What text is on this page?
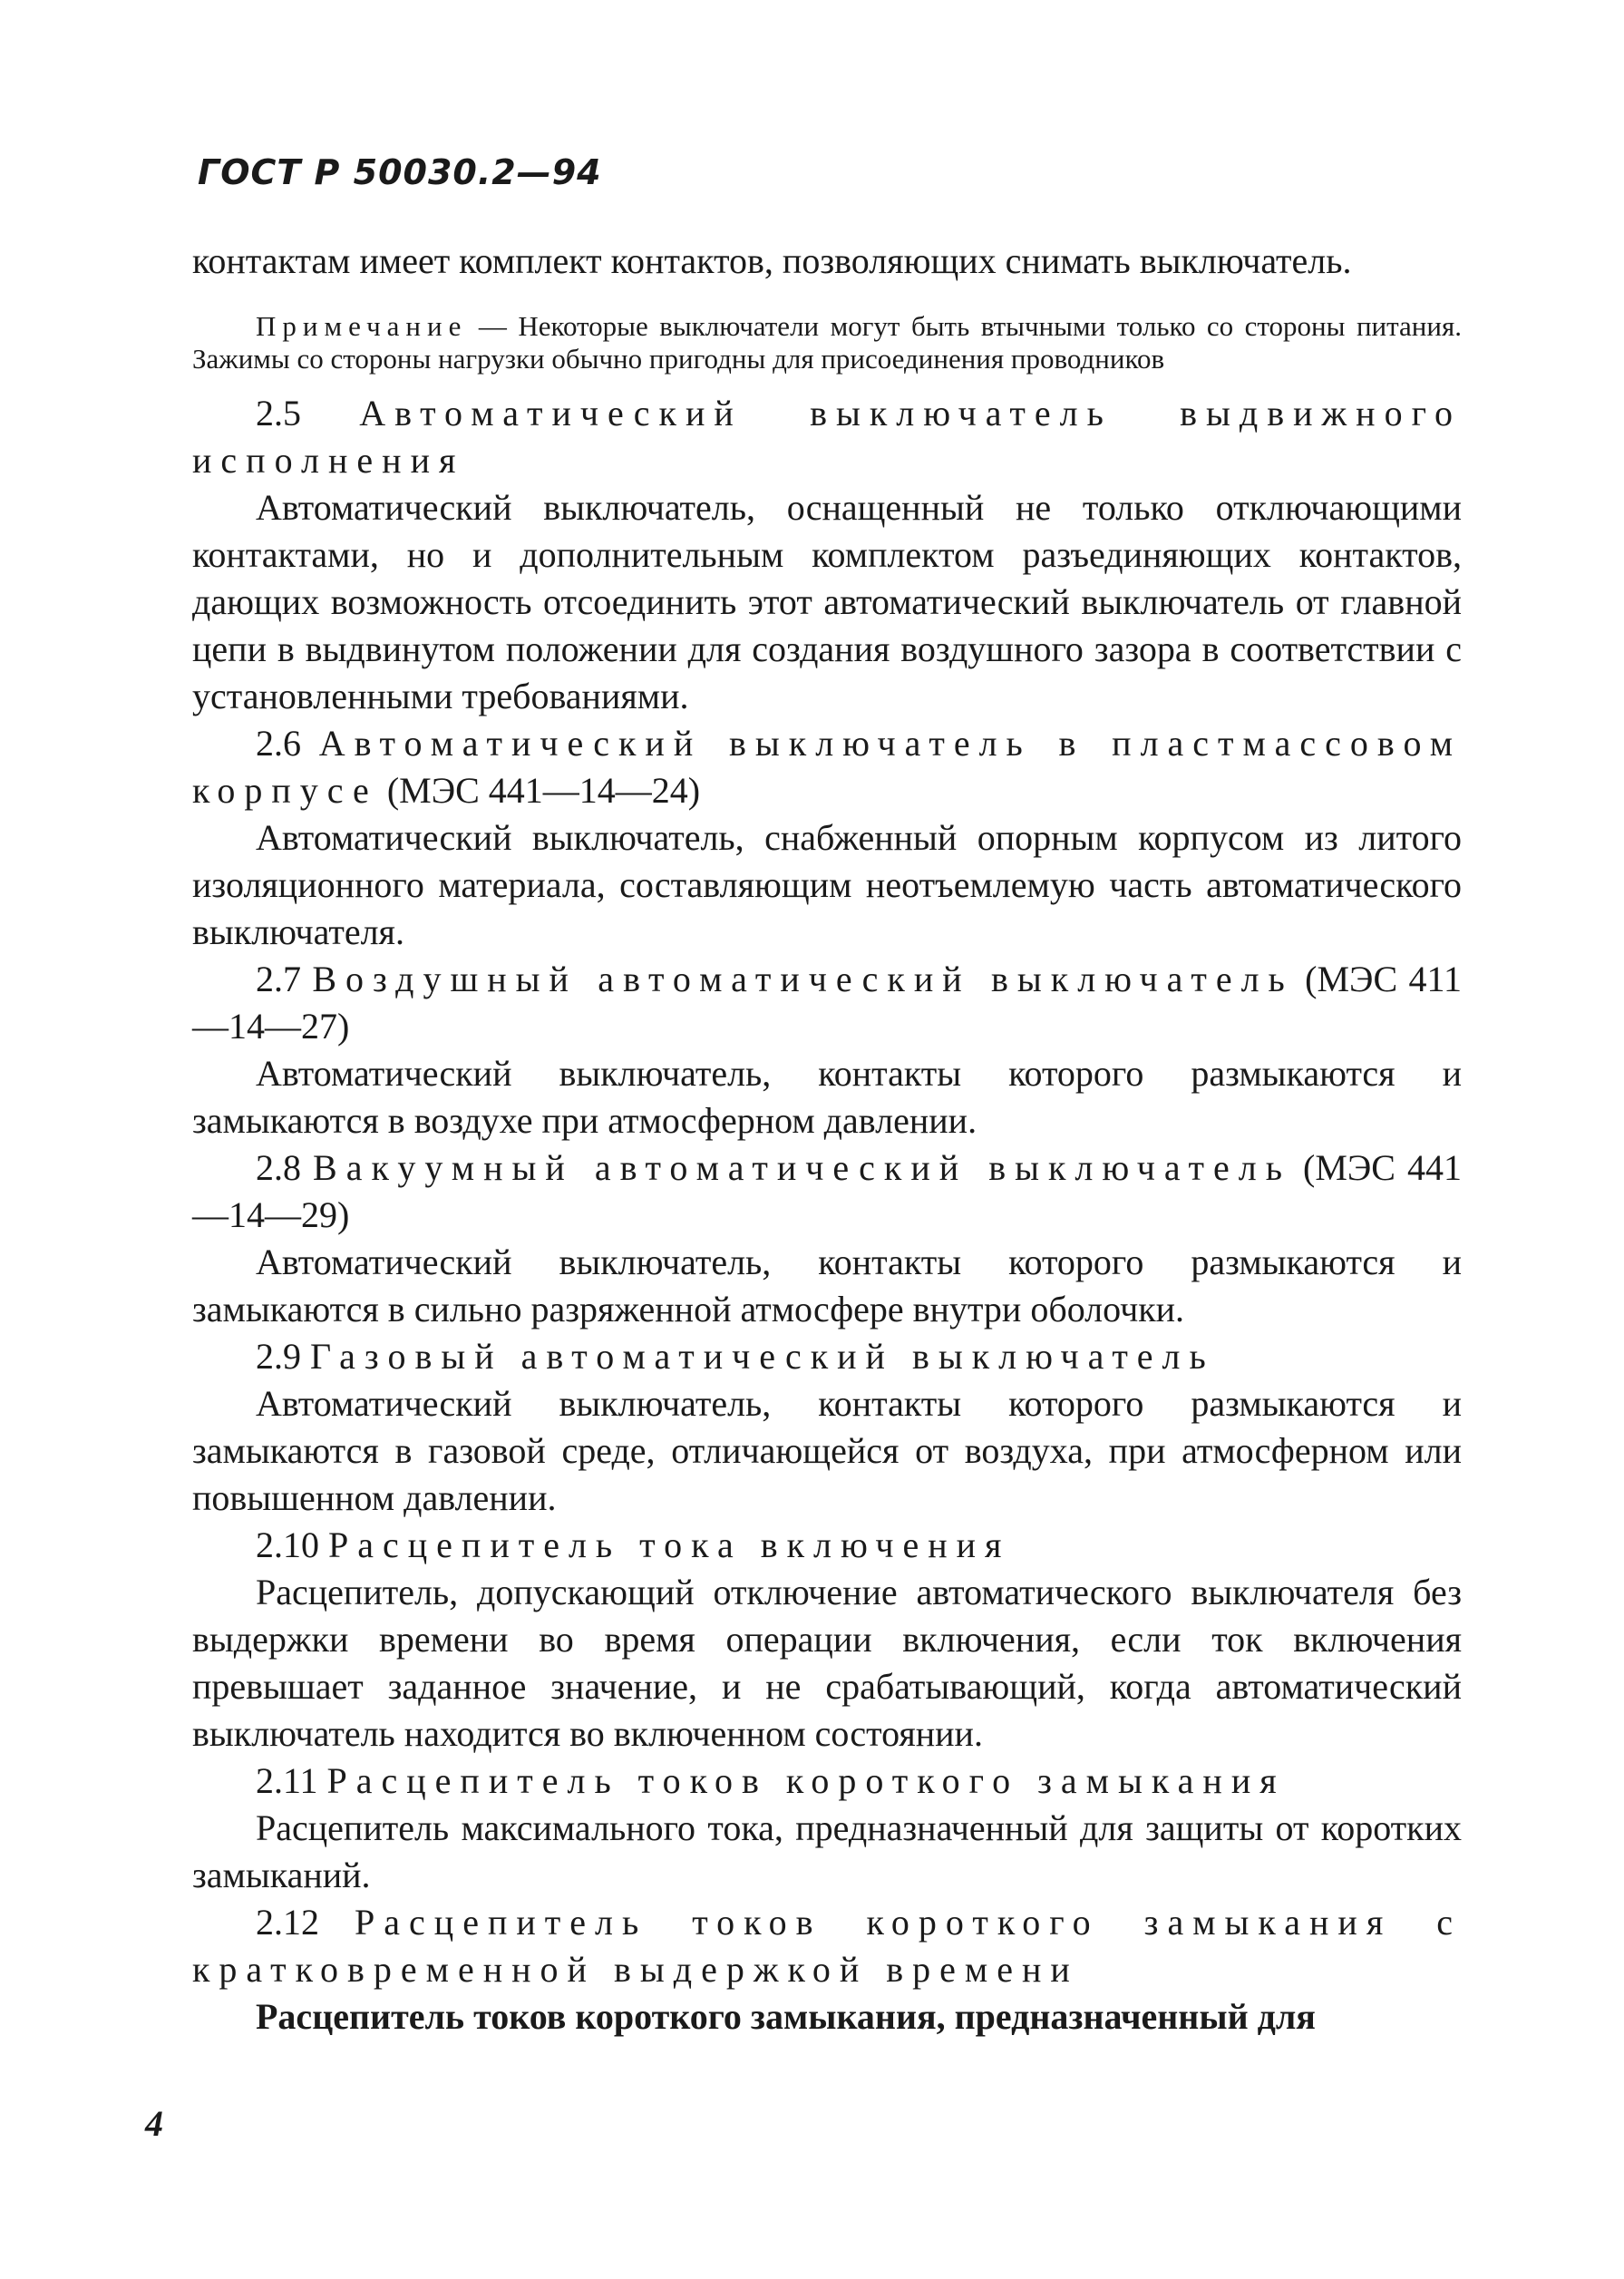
ГОСТ Р 50030.2—94

контактам имеет комплект контактов, позволяющих снимать выключатель.

Примечание — Некоторые выключатели могут быть втычными только со стороны питания. Зажимы со стороны нагрузки обычно пригодны для присоединения проводников

2.5 Автоматический выключатель выдвижного исполнения

Автоматический выключатель, оснащенный не только отключающими контактами, но и дополнительным комплектом разъединяющих контактов, дающих возможность отсоединить этот автоматический выключатель от главной цепи в выдвинутом положении для создания воздушного зазора в соответствии с установленными требованиями.

2.6 Автоматический выключатель в пластмассовом корпусе (МЭС 441—14—24)

Автоматический выключатель, снабженный опорным корпусом из литого изоляционного материала, составляющим неотъемлемую часть автоматического выключателя.

2.7 Воздушный автоматический выключатель (МЭС 411—14—27)

Автоматический выключатель, контакты которого размыкаются и замыкаются в воздухе при атмосферном давлении.

2.8 Вакуумный автоматический выключатель (МЭС 441—14—29)

Автоматический выключатель, контакты которого размыкаются и замыкаются в сильно разряженной атмосфере внутри оболочки.

2.9 Газовый автоматический выключатель

Автоматический выключатель, контакты которого размыкаются и замыкаются в газовой среде, отличающейся от воздуха, при атмосферном или повышенном давлении.

2.10 Расцепитель тока включения

Расцепитель, допускающий отключение автоматического выключателя без выдержки времени во время операции включения, если ток включения превышает заданное значение, и не срабатывающий, когда автоматический выключатель находится во включенном состоянии.

2.11 Расцепитель токов короткого замыкания

Расцепитель максимального тока, предназначенный для защиты от коротких замыканий.

2.12 Расцепитель токов короткого замыкания с кратковременной выдержкой времени

Расцепитель токов короткого замыкания, предназначенный для

4
